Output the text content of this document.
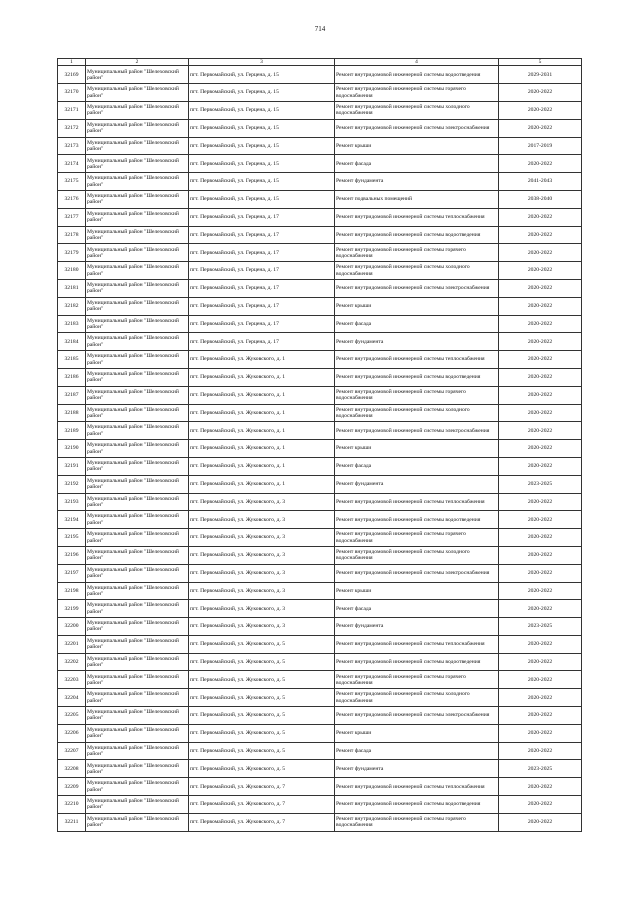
714
1	2	3	4	5
32169	Муниципальный район "Шелеховский район"	пгт. Первомайский, ул. Герцена, д. 15	Ремонт внутридомовой инженерной системы водоотведения	2029-2031
32170	Муниципальный район "Шелеховский район"	пгт. Первомайский, ул. Герцена, д. 15	Ремонт внутридомовой инженерной системы горячего водоснабжения	2020-2022
32171	Муниципальный район "Шелеховский район"	пгт. Первомайский, ул. Герцена, д. 15	Ремонт внутридомовой инженерной системы холодного водоснабжения	2020-2022
32172	Муниципальный район "Шелеховский район"	пгт. Первомайский, ул. Герцена, д. 15	Ремонт внутридомовой инженерной системы электроснабжения	2020-2022
32173	Муниципальный район "Шелеховский район"	пгт. Первомайский, ул. Герцена, д. 15	Ремонт крыши	2017-2019
32174	Муниципальный район "Шелеховский район"	пгт. Первомайский, ул. Герцена, д. 15	Ремонт фасада	2020-2022
32175	Муниципальный район "Шелеховский район"	пгт. Первомайский, ул. Герцена, д. 15	Ремонт фундамента	2041-2043
32176	Муниципальный район "Шелеховский район"	пгт. Первомайский, ул. Герцена, д. 15	Ремонт подвальных помещений	2038-2040
32177	Муниципальный район "Шелеховский район"	пгт. Первомайский, ул. Герцена, д. 17	Ремонт внутридомовой инженерной системы теплоснабжения	2020-2022
32178	Муниципальный район "Шелеховский район"	пгт. Первомайский, ул. Герцена, д. 17	Ремонт внутридомовой инженерной системы водоотведения	2020-2022
32179	Муниципальный район "Шелеховский район"	пгт. Первомайский, ул. Герцена, д. 17	Ремонт внутридомовой инженерной системы горячего водоснабжения	2020-2022
32180	Муниципальный район "Шелеховский район"	пгт. Первомайский, ул. Герцена, д. 17	Ремонт внутридомовой инженерной системы холодного водоснабжения	2020-2022
32181	Муниципальный район "Шелеховский район"	пгт. Первомайский, ул. Герцена, д. 17	Ремонт внутридомовой инженерной системы электроснабжения	2020-2022
32182	Муниципальный район "Шелеховский район"	пгт. Первомайский, ул. Герцена, д. 17	Ремонт крыши	2020-2022
32183	Муниципальный район "Шелеховский район"	пгт. Первомайский, ул. Герцена, д. 17	Ремонт фасада	2020-2022
32184	Муниципальный район "Шелеховский район"	пгт. Первомайский, ул. Герцена, д. 17	Ремонт фундамента	2020-2022
32185	Муниципальный район "Шелеховский район"	пгт. Первомайский, ул. Жуковского, д. 1	Ремонт внутридомовой инженерной системы теплоснабжения	2020-2022
32186	Муниципальный район "Шелеховский район"	пгт. Первомайский, ул. Жуковского, д. 1	Ремонт внутридомовой инженерной системы водоотведения	2020-2022
32187	Муниципальный район "Шелеховский район"	пгт. Первомайский, ул. Жуковского, д. 1	Ремонт внутридомовой инженерной системы горячего водоснабжения	2020-2022
32188	Муниципальный район "Шелеховский район"	пгт. Первомайский, ул. Жуковского, д. 1	Ремонт внутридомовой инженерной системы холодного водоснабжения	2020-2022
32189	Муниципальный район "Шелеховский район"	пгт. Первомайский, ул. Жуковского, д. 1	Ремонт внутридомовой инженерной системы электроснабжения	2020-2022
32190	Муниципальный район "Шелеховский район"	пгт. Первомайский, ул. Жуковского, д. 1	Ремонт крыши	2020-2022
32191	Муниципальный район "Шелеховский район"	пгт. Первомайский, ул. Жуковского, д. 1	Ремонт фасада	2020-2022
32192	Муниципальный район "Шелеховский район"	пгт. Первомайский, ул. Жуковского, д. 1	Ремонт фундамента	2023-2025
32193	Муниципальный район "Шелеховский район"	пгт. Первомайский, ул. Жуковского, д. 3	Ремонт внутридомовой инженерной системы теплоснабжения	2020-2022
32194	Муниципальный район "Шелеховский район"	пгт. Первомайский, ул. Жуковского, д. 3	Ремонт внутридомовой инженерной системы водоотведения	2020-2022
32195	Муниципальный район "Шелеховский район"	пгт. Первомайский, ул. Жуковского, д. 3	Ремонт внутридомовой инженерной системы горячего водоснабжения	2020-2022
32196	Муниципальный район "Шелеховский район"	пгт. Первомайский, ул. Жуковского, д. 3	Ремонт внутридомовой инженерной системы холодного водоснабжения	2020-2022
32197	Муниципальный район "Шелеховский район"	пгт. Первомайский, ул. Жуковского, д. 3	Ремонт внутридомовой инженерной системы электроснабжения	2020-2022
32198	Муниципальный район "Шелеховский район"	пгт. Первомайский, ул. Жуковского, д. 3	Ремонт крыши	2020-2022
32199	Муниципальный район "Шелеховский район"	пгт. Первомайский, ул. Жуковского, д. 3	Ремонт фасада	2020-2022
32200	Муниципальный район "Шелеховский район"	пгт. Первомайский, ул. Жуковского, д. 3	Ремонт фундамента	2023-2025
32201	Муниципальный район "Шелеховский район"	пгт. Первомайский, ул. Жуковского, д. 5	Ремонт внутридомовой инженерной системы теплоснабжения	2020-2022
32202	Муниципальный район "Шелеховский район"	пгт. Первомайский, ул. Жуковского, д. 5	Ремонт внутридомовой инженерной системы водоотведения	2020-2022
32203	Муниципальный район "Шелеховский район"	пгт. Первомайский, ул. Жуковского, д. 5	Ремонт внутридомовой инженерной системы горячего водоснабжения	2020-2022
32204	Муниципальный район "Шелеховский район"	пгт. Первомайский, ул. Жуковского, д. 5	Ремонт внутридомовой инженерной системы холодного водоснабжения	2020-2022
32205	Муниципальный район "Шелеховский район"	пгт. Первомайский, ул. Жуковского, д. 5	Ремонт внутридомовой инженерной системы электроснабжения	2020-2022
32206	Муниципальный район "Шелеховский район"	пгт. Первомайский, ул. Жуковского, д. 5	Ремонт крыши	2020-2022
32207	Муниципальный район "Шелеховский район"	пгт. Первомайский, ул. Жуковского, д. 5	Ремонт фасада	2020-2022
32208	Муниципальный район "Шелеховский район"	пгт. Первомайский, ул. Жуковского, д. 5	Ремонт фундамента	2023-2025
32209	Муниципальный район "Шелеховский район"	пгт. Первомайский, ул. Жуковского, д. 7	Ремонт внутридомовой инженерной системы теплоснабжения	2020-2022
32210	Муниципальный район "Шелеховский район"	пгт. Первомайский, ул. Жуковского, д. 7	Ремонт внутридомовой инженерной системы водоотведения	2020-2022
32211	Муниципальный район "Шелеховский район"	пгт. Первомайский, ул. Жуковского, д. 7	Ремонт внутридомовой инженерной системы горячего водоснабжения	2020-2022
